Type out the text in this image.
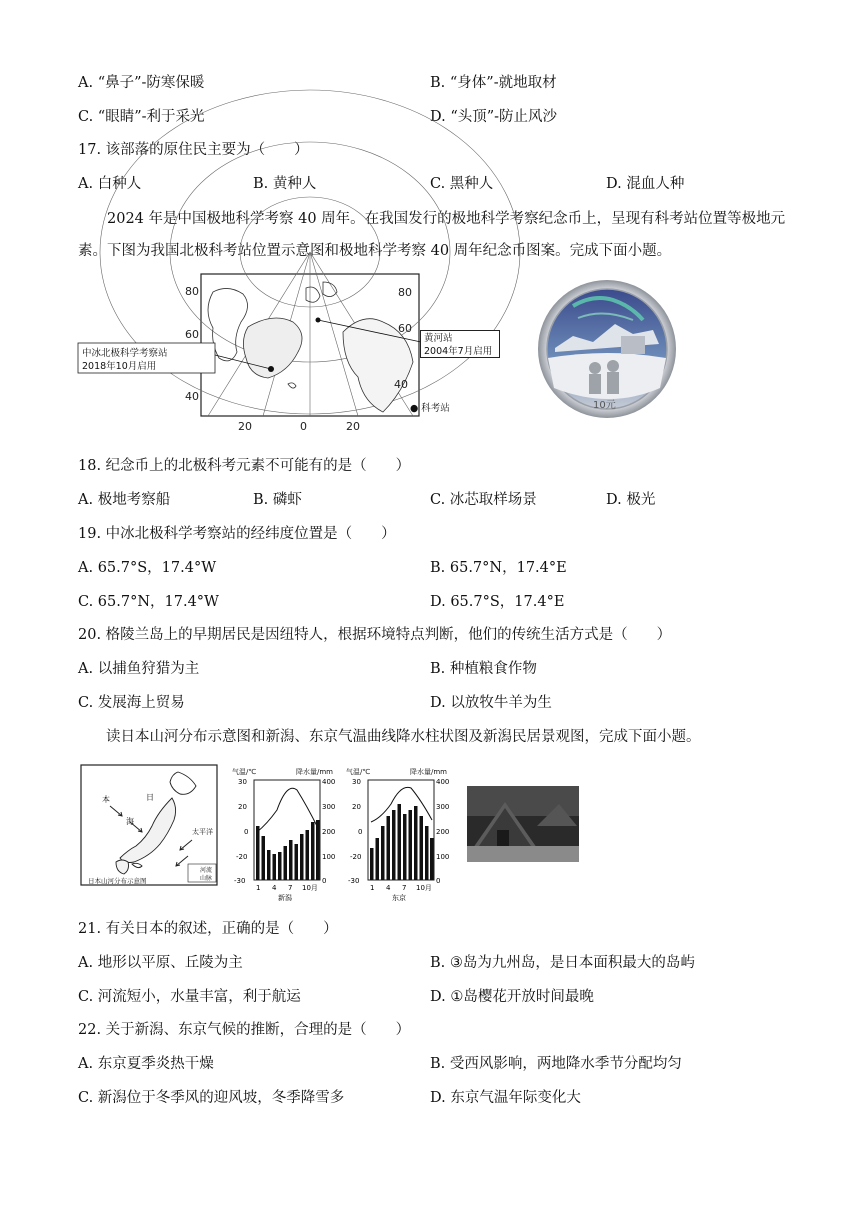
A. “鼻子”-防寒保暖	B. “身体”-就地取材
C. “眼睛”-利于采光	D. “头顶”-防止风沙
17. 该部落的原住民主要为（　　）
A. 白种人	B. 黄种人	C. 黑种人	D. 混血人种
2024 年是中国极地科学考察 40 周年。在我国发行的极地科学考察纪念币上，呈现有科考站位置等极地元素。下图为我国北极科考站位置示意图和极地科学考察 40 周年纪念币图案。完成下面小题。
80
60
40
80
60
40
20	0	20
中冰北极科学考察站
2018年10月启用
● 科考站
黄河站
2004年7月启用
10元
18. 纪念币上的北极科考元素不可能有的是（　　）
A. 极地考察船	B. 磷虾	C. 冰芯取样场景	D. 极光
19. 中冰北极科学考察站的经纬度位置是（　　）
A. 65.7°S，17.4°W	B. 65.7°N，17.4°E
C. 65.7°N，17.4°W	D. 65.7°S，17.4°E
20. 格陵兰岛上的早期居民是因纽特人，根据环境特点判断，他们的传统生活方式是（　　）
A. 以捕鱼狩猎为主	B. 种植粮食作物
C. 发展海上贸易	D. 以放牧牛羊为生
读日本山河分布示意图和新潟、东京气温曲线降水柱状图及新潟民居景观图，完成下面小题。
日
本
海
太平洋
河流
山脉
日本山河分布示意图
气温/℃	降水量/mm
30
20
0
-20
-30
400
300
200
100
0
1 4 7 10月
新潟
气温/℃	降水量/mm
30
20
0
-20
-30
400
300
200
100
0
1 4 7 10月
东京
21. 有关日本的叙述，正确的是（　　）
A. 地形以平原、丘陵为主	B. ③岛为九州岛，是日本面积最大的岛屿
C. 河流短小，水量丰富，利于航运	D. ①岛樱花开放时间最晚
22. 关于新潟、东京气候的推断，合理的是（　　）
A. 东京夏季炎热干燥	B. 受西风影响，两地降水季节分配均匀
C. 新潟位于冬季风的迎风坡，冬季降雪多	D. 东京气温年际变化大
